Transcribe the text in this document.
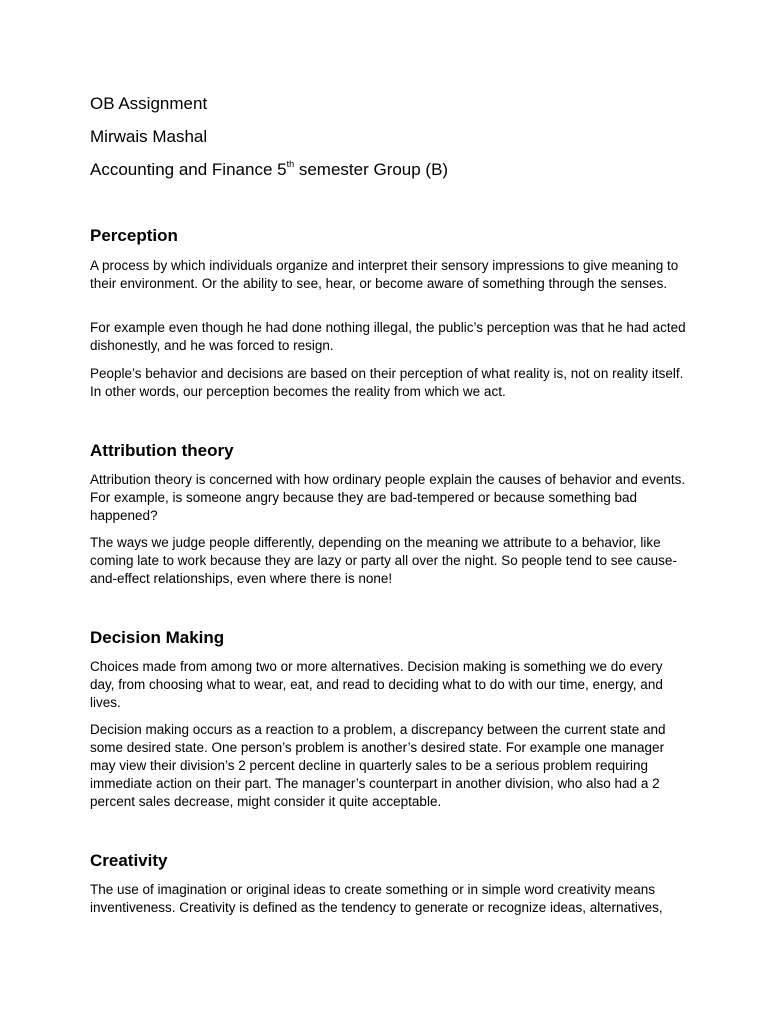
OB Assignment
Mirwais Mashal
Accounting and Finance 5th semester Group (B)
Perception

A process by which individuals organize and interpret their sensory impressions to give meaning to their environment. Or the ability to see, hear, or become aware of something through the senses.

For example even though he had done nothing illegal, the public’s perception was that he had acted dishonestly, and he was forced to resign.

People’s behavior and decisions are based on their perception of what reality is, not on reality itself. In other words, our perception becomes the reality from which we act.

Attribution theory

Attribution theory is concerned with how ordinary people explain the causes of behavior and events. For example, is someone angry because they are bad-tempered or because something bad happened?

The ways we judge people differently, depending on the meaning we attribute to a behavior, like coming late to work because they are lazy or party all over the night. So people tend to see cause-and-effect relationships, even where there is none!

Decision Making

Choices made from among two or more alternatives. Decision making is something we do every day, from choosing what to wear, eat, and read to deciding what to do with our time, energy, and lives.

Decision making occurs as a reaction to a problem, a discrepancy between the current state and some desired state. One person’s problem is another’s desired state. For example one manager may view their division’s 2 percent decline in quarterly sales to be a serious problem requiring immediate action on their part. The manager’s counterpart in another division, who also had a 2 percent sales decrease, might consider it quite acceptable.

Creativity

The use of imagination or original ideas to create something or in simple word creativity means inventiveness. Creativity is defined as the tendency to generate or recognize ideas, alternatives,
